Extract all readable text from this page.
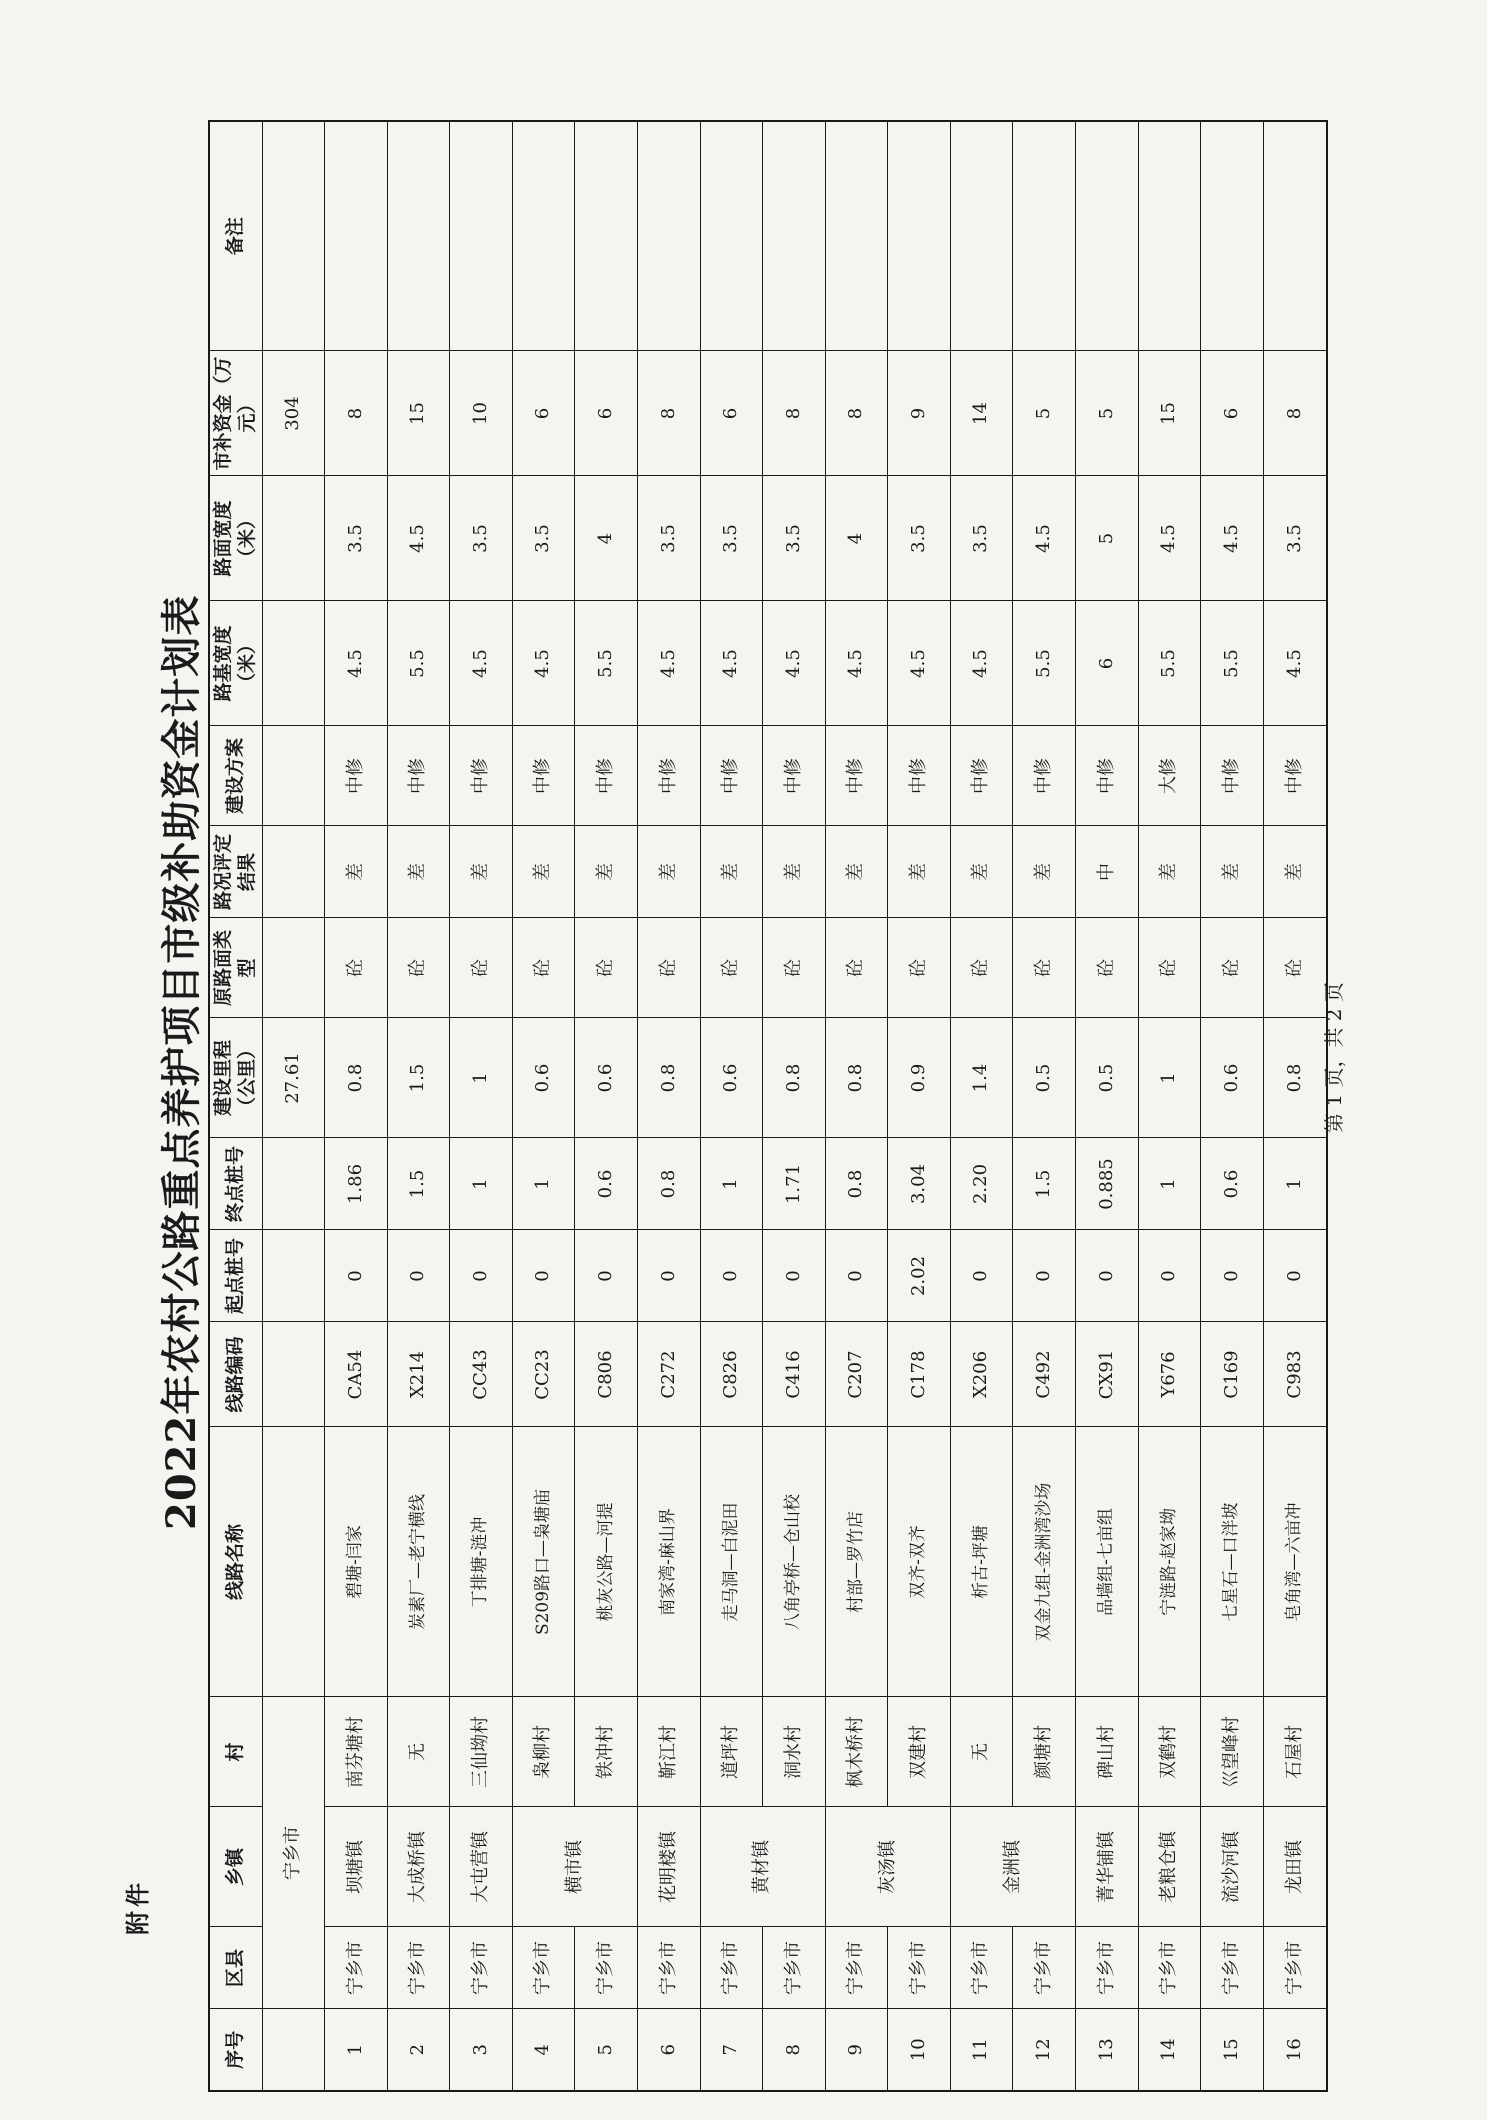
附件
2022年农村公路重点养护项目市级补助资金计划表	第 1 页，共 2 页
序号	区县	乡镇	村	线路名称	线路编码	起点桩号	终点桩号	建设里程（公里）	原路面类型	路况评定结果	建设方案	路基宽度（米）	路面宽度（米）	市补资金（万元）	备注
	宁乡市							27.61						304	
1	宁乡市	坝塘镇	南芬塘村	碧塘-闫家	CA54	0	1.86	0.8	砼	差	中修	4.5	3.5	8	
2	宁乡市	大成桥镇	无	炭素厂—老宁横线	X214	0	1.5	1.5	砼	差	中修	5.5	4.5	15	
3	宁乡市	大屯营镇	三仙坳村	丁排塘-涟冲	CC43	0	1	1	砼	差	中修	4.5	3.5	10	
4	宁乡市	横市镇	枭柳村	S209路口—枭塘庙	CC23	0	1	0.6	砼	差	中修	4.5	3.5	6	
5	宁乡市		铁冲村	桃灰公路—河提	C806	0	0.6	0.6	砼	差	中修	5.5	4	6	
6	宁乡市	花明楼镇	靳江村	南家湾-麻山界	C272	0	0.8	0.8	砼	差	中修	4.5	3.5	8	
7	宁乡市	黄材镇	道坪村	走马洞—白泥田	C826	0	1	0.6	砼	差	中修	4.5	3.5	6	
8	宁乡市		洞水村	八角亭桥—仓山校	C416	0	1.71	0.8	砼	差	中修	4.5	3.5	8	
9	宁乡市	灰汤镇	枫木桥村	村部—罗竹店	C207	0	0.8	0.8	砼	差	中修	4.5	4	8	
10	宁乡市		双建村	双齐-双齐	C178	2.02	3.04	0.9	砼	差	中修	4.5	3.5	9	
11	宁乡市	金洲镇	无	析古-坪塘	X206	0	2.20	1.4	砼	差	中修	4.5	3.5	14	
12	宁乡市		颜塘村	双金九组-金洲湾沙场	C492	0	1.5	0.5	砼	差	中修	5.5	4.5	5	
13	宁乡市	菁华铺镇	碑山村	品墙组-七亩组	CX91	0	0.885	0.5	砼	中	中修	6	5	5	
14	宁乡市	老粮仓镇	双鹤村	宁涟路-赵家坳	Y676	0	1	1	砼	差	大修	5.5	4.5	15	
15	宁乡市	流沙河镇	巛望峰村	七星石—口泮坡	C169	0	0.6	0.6	砼	差	中修	5.5	4.5	6	
16	宁乡市	龙田镇	石屋村	皂角湾—六亩冲	C983	0	1	0.8	砼	差	中修	4.5	3.5	8	
